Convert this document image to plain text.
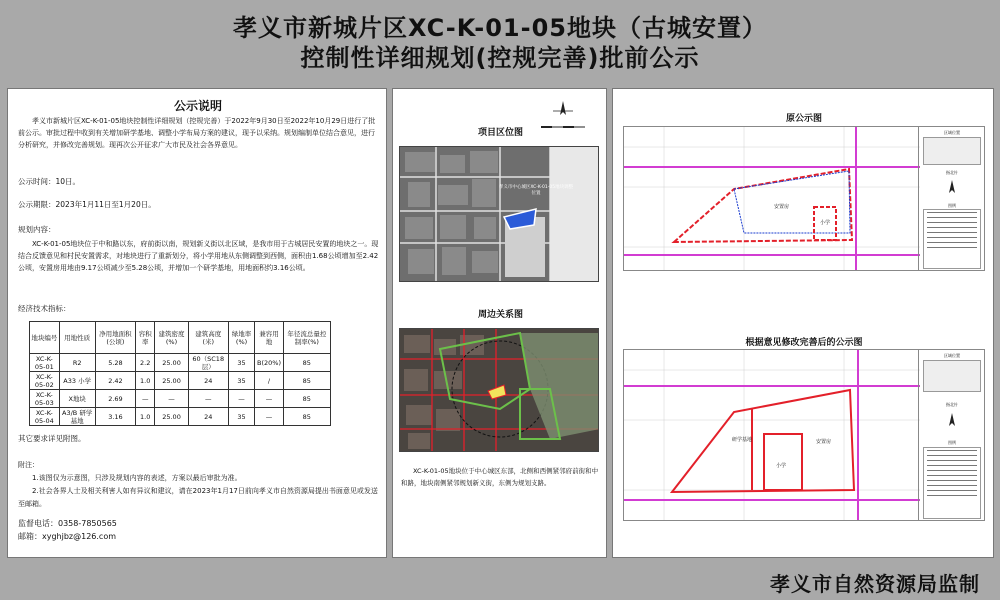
孝义市新城片区XC-K-01-05地块（古城安置）
控制性详细规划(控规完善)批前公示
公示说明
孝义市新城片区XC-K-01-05地块控制性详细规划（控规完善）于2022年9月30日至2022年10月29日进行了批前公示。审批过程中收到有关增加研学基地、调整小学布局方案的建议，现予以采纳。规划编制单位结合意见，进行分析研究，并修改完善规划。现再次公开征求广大市民及社会各界意见。
公示时间：10日。
公示期限：2023年1月11日至1月20日。
规划内容：
XC-K-01-05地块位于中和路以东，府前街以南，规划新义街以北区域，是我市用于古城居民安置的地块之一。现结合反馈意见和村民安置需求，对地块进行了重新划分，将小学用地从东侧调整到西侧，面积由1.68公顷增加至2.42公顷，安置房用地由9.17公顷减少至5.28公顷，并增加一个研学基地，用地面积约3.16公顷。
经济技术指标：
地块编号	用地性质	净用地面积(公顷)	容积率	建筑密度(%)	建筑高度(米)	绿地率(%)	兼容用地	年径流总量控制率(%)
XC-K-05-01	R2	5.28	2.2	25.00	60（SC18层）	35	B(20%)	85
XC-K-05-02	A33 小学	2.42	1.0	25.00	24	35	/	85
XC-K-05-03	X地块	2.69	—	—	—	—	—	85
XC-K-05-04	A3/B 研学基地	3.16	1.0	25.00	24	35	—	85
其它要求详见附图。
附注：
1.该图仅为示意图，只涉及规划内容的表述，方案以最后审批为准。
2.社会各界人士及相关利害人如有异议和建议，请在2023年1月17日前向孝义市自然资源局提出书面意见或发送至邮箱。
监督电话：0358-7850565
邮箱：xyghjbz@126.com
项目区位图
孝义市中心城区XC-K-01-05地块调整位置
周边关系图
XC-K-01-05地块位于中心城区东部，北侧和西侧紧邻府前街和中和路，地块南侧紧邻规划新义街，东侧为规划支路。
原公示图
安置房
小学
区域位置
指北针
图例
根据意见修改完善后的公示图
研学基地	安置房
小学
区域位置
指北针
图例
孝义市自然资源局监制
